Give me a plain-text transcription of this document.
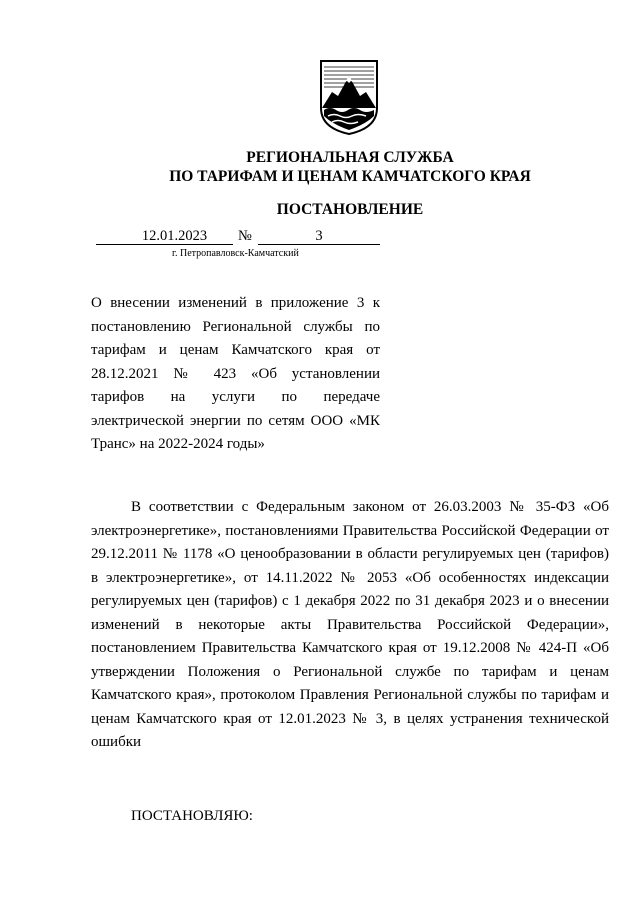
РЕГИОНАЛЬНАЯ СЛУЖБА
ПО ТАРИФАМ И ЦЕНАМ КАМЧАТСКОГО КРАЯ
ПОСТАНОВЛЕНИЕ
12.01.2023	№	3
г. Петропавловск-Камчатский
О внесении изменений в приложение 3 к постановлению Региональной службы по тарифам и ценам Камчатского края от 28.12.2021 № 423 «Об установлении тарифов на услуги по передаче электрической энергии по сетям ООО «МК Транс» на 2022-2024 годы»
В соответствии с Федеральным законом от 26.03.2003 № 35-ФЗ «Об электроэнергетике», постановлениями Правительства Российской Федерации от 29.12.2011 № 1178 «О ценообразовании в области регулируемых цен (тарифов) в электроэнергетике», от 14.11.2022 № 2053 «Об особенностях индексации регулируемых цен (тарифов) с 1 декабря 2022 по 31 декабря 2023 и о внесении изменений в некоторые акты Правительства Российской Федерации», постановлением Правительства Камчатского края от 19.12.2008 № 424-П «Об утверждении Положения о Региональной службе по тарифам и ценам Камчатского края», протоколом Правления Региональной службы по тарифам и ценам Камчатского края от 12.01.2023 № 3, в целях устранения технической ошибки
ПОСТАНОВЛЯЮ:
